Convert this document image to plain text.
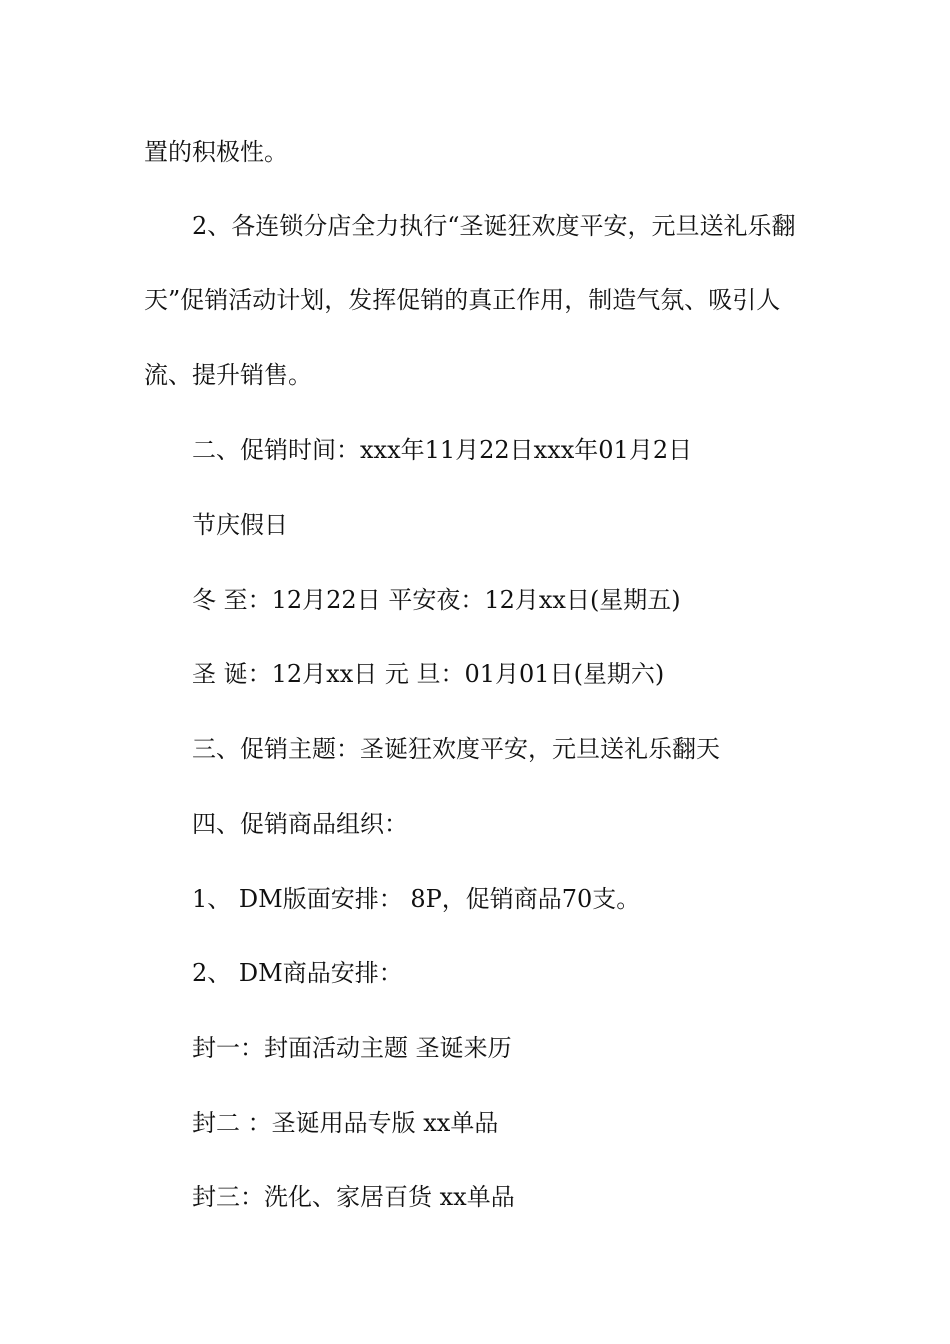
置的积极性。
2、各连锁分店全力执行“圣诞狂欢度平安，元旦送礼乐翻
天”促销活动计划，发挥促销的真正作用，制造气氛、吸引人
流、提升销售。
二、促销时间：xxx年11月22日xxx年01月2日
节庆假日
冬 至：12月22日 平安夜：12月xx日(星期五)
圣 诞：12月xx日 元 旦：01月01日(星期六)
三、促销主题：圣诞狂欢度平安，元旦送礼乐翻天
四、促销商品组织：
1、 DM版面安排： 8P，促销商品70支。
2、 DM商品安排：
封一：封面活动主题 圣诞来历
封二 ：圣诞用品专版 xx单品
封三：洗化、家居百货 xx单品
